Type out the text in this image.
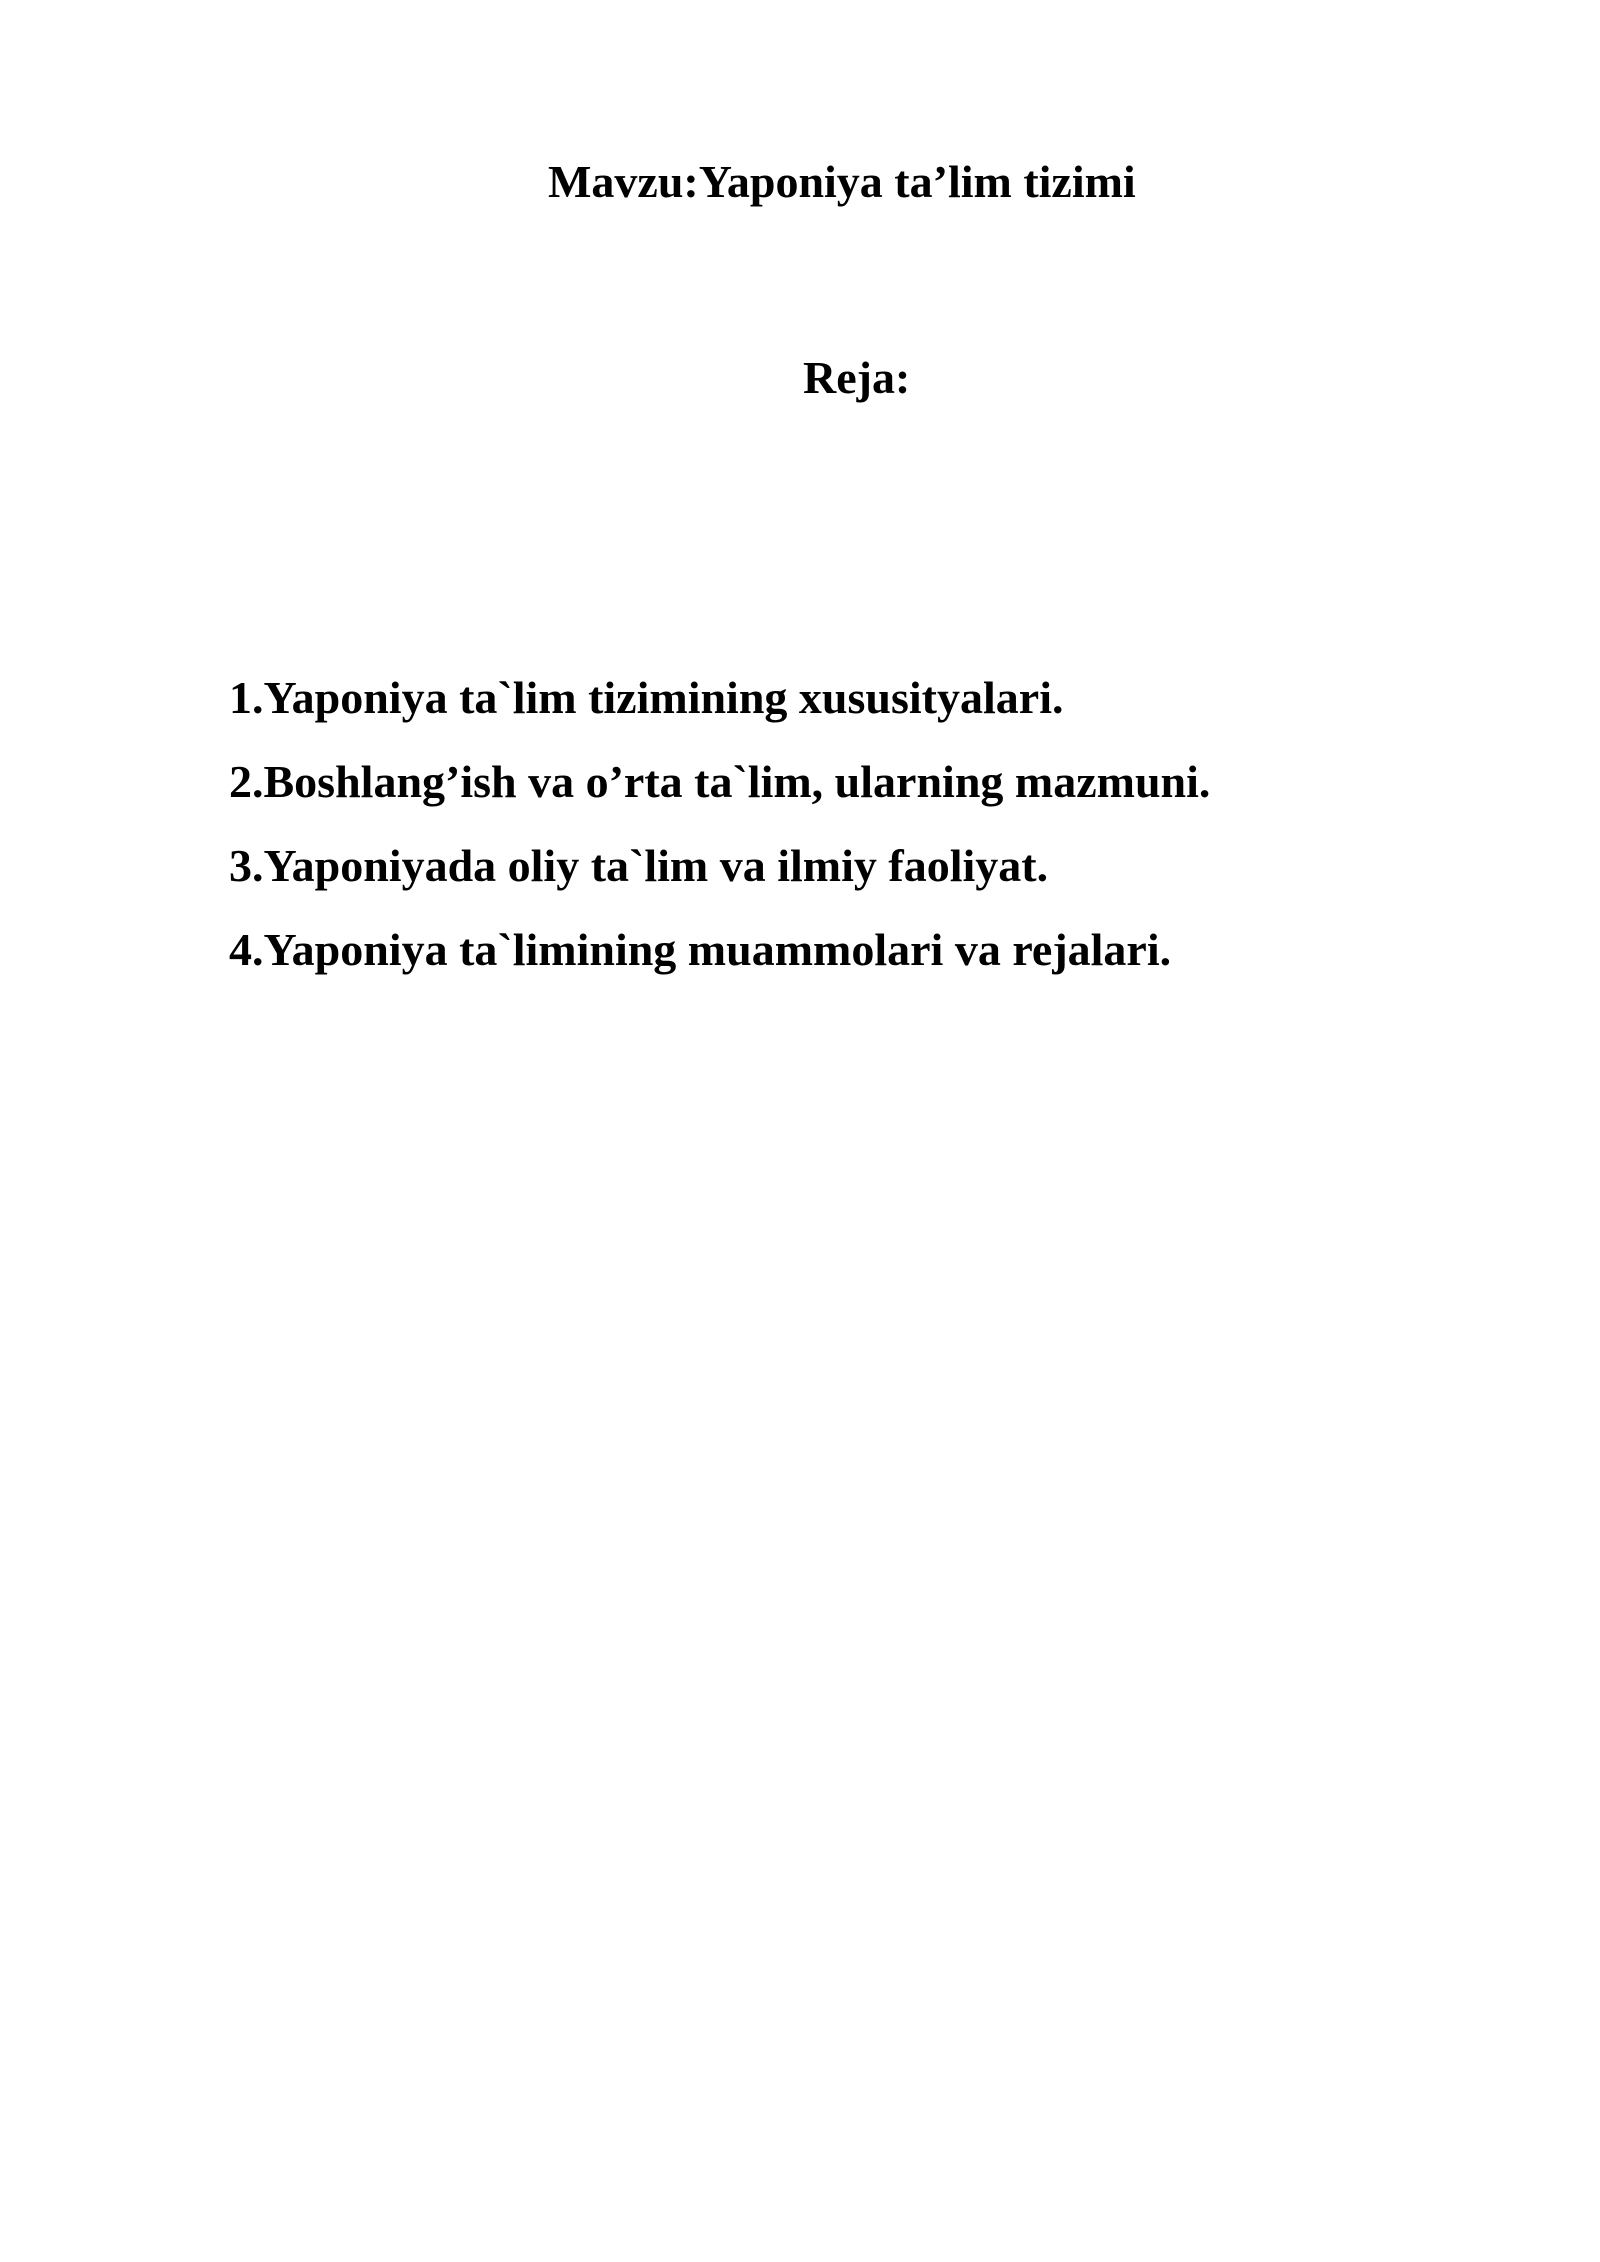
Mavzu:Yaponiya ta’lim tizimi
Reja:
1.Yaponiya ta`lim tizimining xususityalari.
2.Boshlang’ish va o’rta ta`lim, ularning mazmuni.
3.Yaponiyada oliy ta`lim va ilmiy faoliyat.
4.Yaponiya ta`limining muammolari va rejalari.
